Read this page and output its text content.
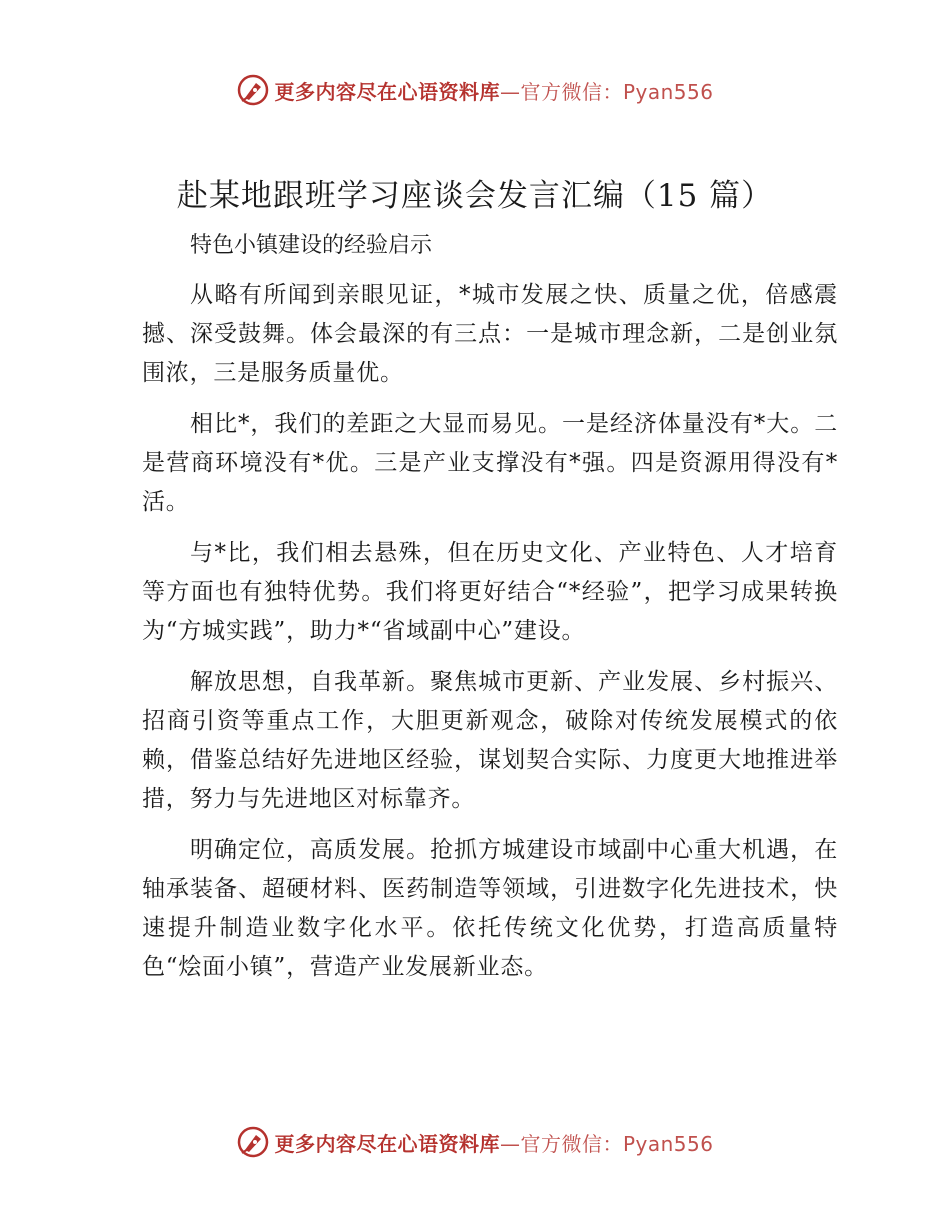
更多内容尽在心语资料库—官方微信：Pyan556
赴某地跟班学习座谈会发言汇编（15 篇）
特色小镇建设的经验启示

从略有所闻到亲眼见证，*城市发展之快、质量之优，倍感震撼、深受鼓舞。体会最深的有三点：一是城市理念新，二是创业氛围浓，三是服务质量优。

相比*，我们的差距之大显而易见。一是经济体量没有*大。二是营商环境没有*优。三是产业支撑没有*强。四是资源用得没有*活。

与*比，我们相去悬殊，但在历史文化、产业特色、人才培育等方面也有独特优势。我们将更好结合“*经验”，把学习成果转换为“方城实践”，助力*“省域副中心”建设。

解放思想，自我革新。聚焦城市更新、产业发展、乡村振兴、招商引资等重点工作，大胆更新观念，破除对传统发展模式的依赖，借鉴总结好先进地区经验，谋划契合实际、力度更大地推进举措，努力与先进地区对标靠齐。

明确定位，高质发展。抢抓方城建设市域副中心重大机遇，在轴承装备、超硬材料、医药制造等领域，引进数字化先进技术，快速提升制造业数字化水平。依托传统文化优势，打造高质量特色“烩面小镇”，营造产业发展新业态。

更多内容尽在心语资料库—官方微信：Pyan556
